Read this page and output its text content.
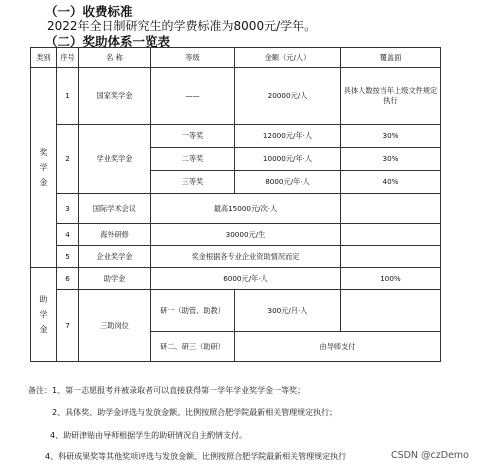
（一）收费标准
2022年全日制研究生的学费标准为8000元/学年。
（二）奖助体系一览表
类别	序号	名 称	等级	金额（元/人）	覆盖面

奖
学
金	1	国家奖学金	——	20000元/人	具体人数按当年上级文件规定执行
	2	学业奖学金	一等奖	12000元/年·人	30%
			二等奖	10000元/年·人	30%
			三等奖	8000元/年·人	40%
	3	国际学术会议	最高15000元/次·人		
	4	海外研修	30000元/生		
	5	企业奖学金	奖金根据各专业企业资助情况而定		

助
学
金	6	助学金	6000元/年·人		100%
	7	三助岗位	研一（助管、助教）	300元/月·人	
			研二、研三（助研）	由导师支付	
备注：1、第一志愿报考并被录取者可以直接获得第一学年学业奖学金一等奖；
2、具体奖、助学金评选与发放金额、比例按照合肥学院最新相关管理规定执行；
4、助研津贴由导师根据学生的助研情况自主酌情支付。
4、科研成果奖等其他奖项评选与发放金额、比例按照合肥学院最新相关管理规定执行	CSDN @czDemo
